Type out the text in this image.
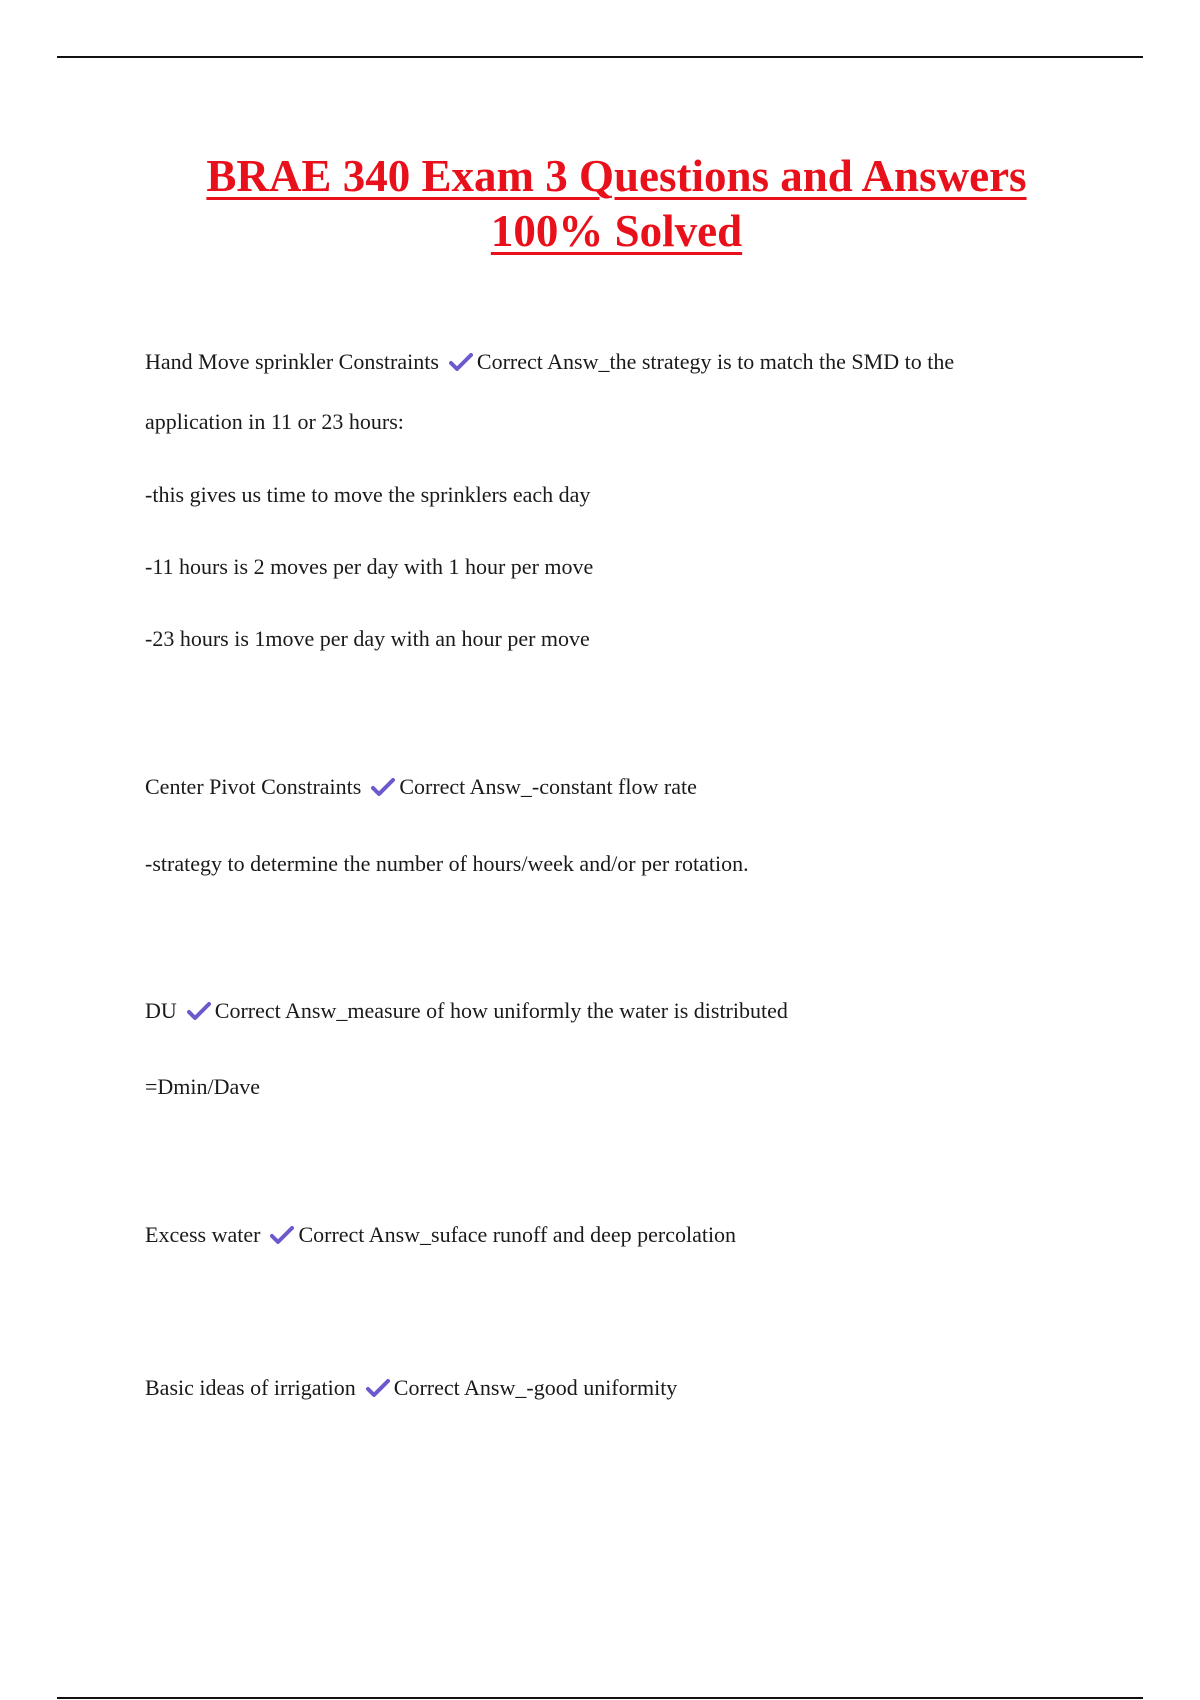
BRAE 340 Exam 3 Questions and Answers
100% Solved
Hand Move sprinkler Constraints Correct Answ_the strategy is to match the SMD to the
application in 11 or 23 hours:
-this gives us time to move the sprinklers each day
-11 hours is 2 moves per day with 1 hour per move
-23 hours is 1move per day with an hour per move
Center Pivot Constraints Correct Answ_-constant flow rate
-strategy to determine the number of hours/week and/or per rotation.
DU Correct Answ_measure of how uniformly the water is distributed
=Dmin/Dave
Excess water Correct Answ_suface runoff and deep percolation
Basic ideas of irrigation Correct Answ_-good uniformity
